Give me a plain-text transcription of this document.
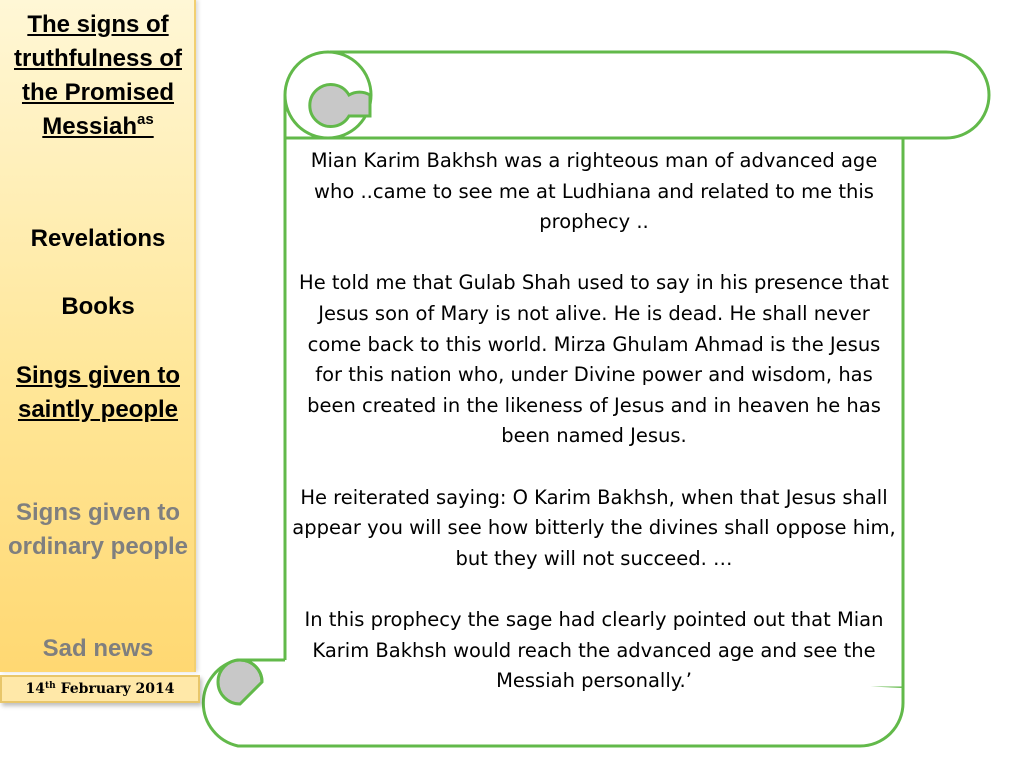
Mian Karim Bakhsh was a righteous man of advanced age who ..came to see me at Ludhiana and related to me this prophecy ..

He told me that Gulab Shah used to say in his presence that Jesus son of Mary is not alive. He is dead. He shall never come back to this world. Mirza Ghulam Ahmad is the Jesus for this nation who, under Divine power and wisdom, has been created in the likeness of Jesus and in heaven he has been named Jesus.

He reiterated saying: O Karim Bakhsh, when that Jesus shall appear you will see how bitterly the divines shall oppose him, but they will not succeed. …

In this prophecy the sage had clearly pointed out that Mian Karim Bakhsh would reach the advanced age and see the Messiah personally.’

The signs of truthfulness of the Promised Messiah$^{as}$
Revelations
Books
Sings given to saintly people
Signs given to ordinary people
Sad news
14th February 2014
